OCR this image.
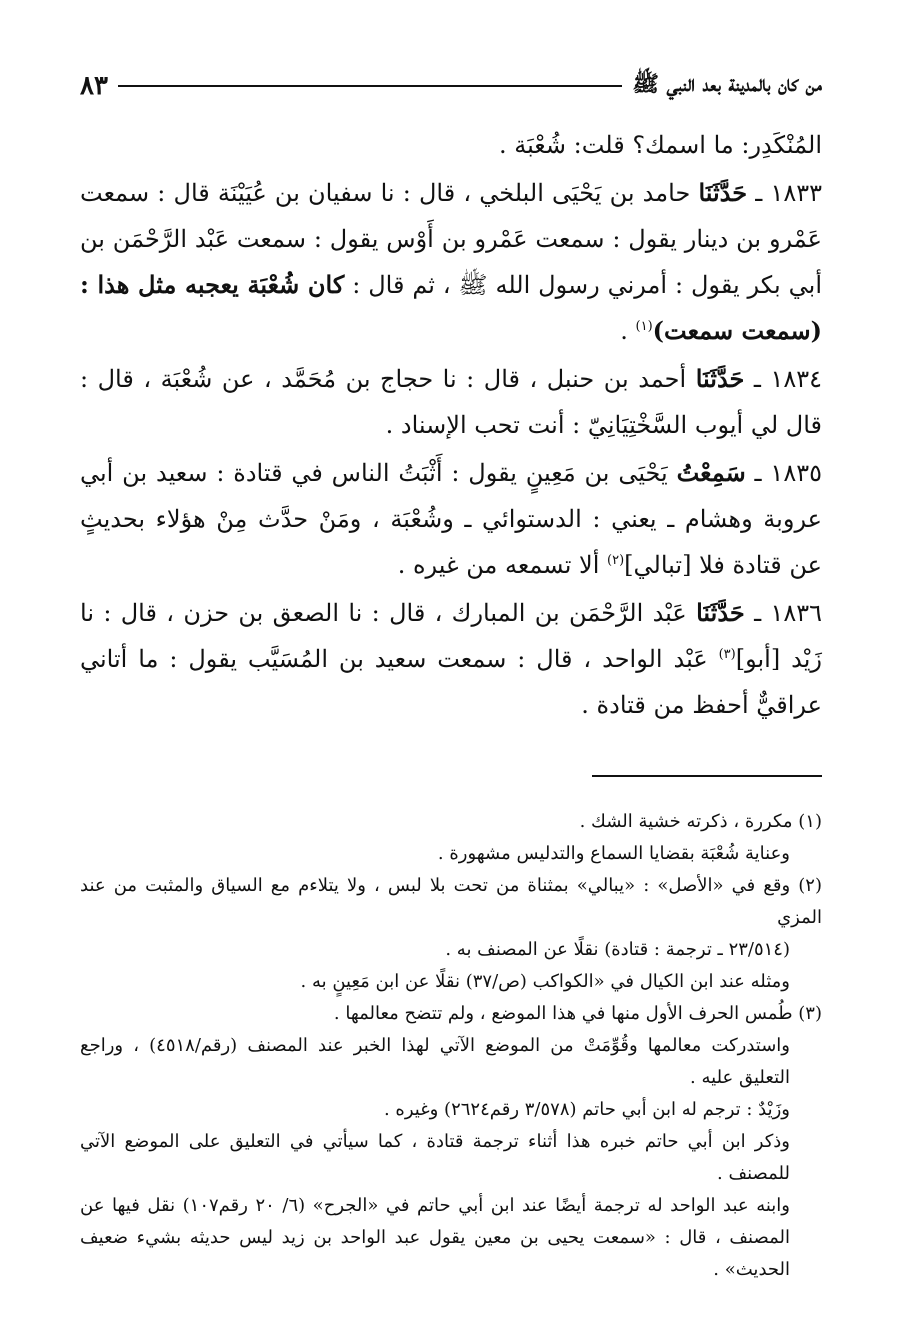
من كان بالمدينة بعد النبي ﷺ
٨٣

المُنْكَدِر: ما اسمك؟ قلت: شُعْبَة .

١٨٣٣ ـ حَدَّثَنَا حامد بن يَحْيَى البلخي ، قال : نا سفيان بن عُيَيْنَة قال : سمعت عَمْرو بن دينار يقول : سمعت عَمْرو بن أَوْس يقول : سمعت عَبْد الرَّحْمَن بن أبي بكر يقول : أمرني رسول الله ﷺ ، ثم قال : كان شُعْبَة يعجبه مثل هذا : (سمعت سمعت)$^{(١)}$ .

١٨٣٤ ـ حَدَّثَنَا أحمد بن حنبل ، قال : نا حجاج بن مُحَمَّد ، عن شُعْبَة ، قال : قال لي أيوب السَّخْتِيَانِيّ : أنت تحب الإسناد .

١٨٣٥ ـ سَمِعْتُ يَحْيَى بن مَعِينٍ يقول : أَثْبَتُ الناس في قتادة : سعيد بن أبي عروبة وهشام ـ يعني : الدستوائي ـ وشُعْبَة ، ومَنْ حدَّث مِنْ هؤلاء بحديثٍ عن قتادة فلا [تبالي]$^{(٢)}$ ألا تسمعه من غيره .

١٨٣٦ ـ حَدَّثَنَا عَبْد الرَّحْمَن بن المبارك ، قال : نا الصعق بن حزن ، قال : نا زَيْد [أبو]$^{(٣)}$ عَبْد الواحد ، قال : سمعت سعيد بن المُسَيَّب يقول : ما أتاني عراقيٌّ أحفظ من قتادة .

(١) مكررة ، ذكرته خشية الشك .

وعناية شُعْبَة بقضايا السماع والتدليس مشهورة .

(٢) وقع في «الأصل» : «يبالي» بمثناة من تحت بلا لبس ، ولا يتلاءم مع السياق والمثبت من عند المزي

(٢٣/٥١٤ ـ ترجمة : قتادة) نقلًا عن المصنف به .

ومثله عند ابن الكيال في «الكواكب (ص/٣٧) نقلًا عن ابن مَعِينٍ به .

(٣) طُمس الحرف الأول منها في هذا الموضع ، ولم تتضح معالمها .

واستدركت معالمها وقُوِّمَتْ من الموضع الآتي لهذا الخبر عند المصنف (رقم/٤٥١٨) ، وراجع التعليق عليه .

وزَيْدٌ : ترجم له ابن أبي حاتم (٣/٥٧٨ رقم٢٦٢٤) وغيره .

وذكر ابن أبي حاتم خبره هذا أثناء ترجمة قتادة ، كما سيأتي في التعليق على الموضع الآتي للمصنف .

وابنه عبد الواحد له ترجمة أيضًا عند ابن أبي حاتم في «الجرح» (٦/ ٢٠ رقم١٠٧) نقل فيها عن المصنف ، قال : «سمعت يحيى بن معين يقول عبد الواحد بن زيد ليس حديثه بشيء ضعيف الحديث» .
